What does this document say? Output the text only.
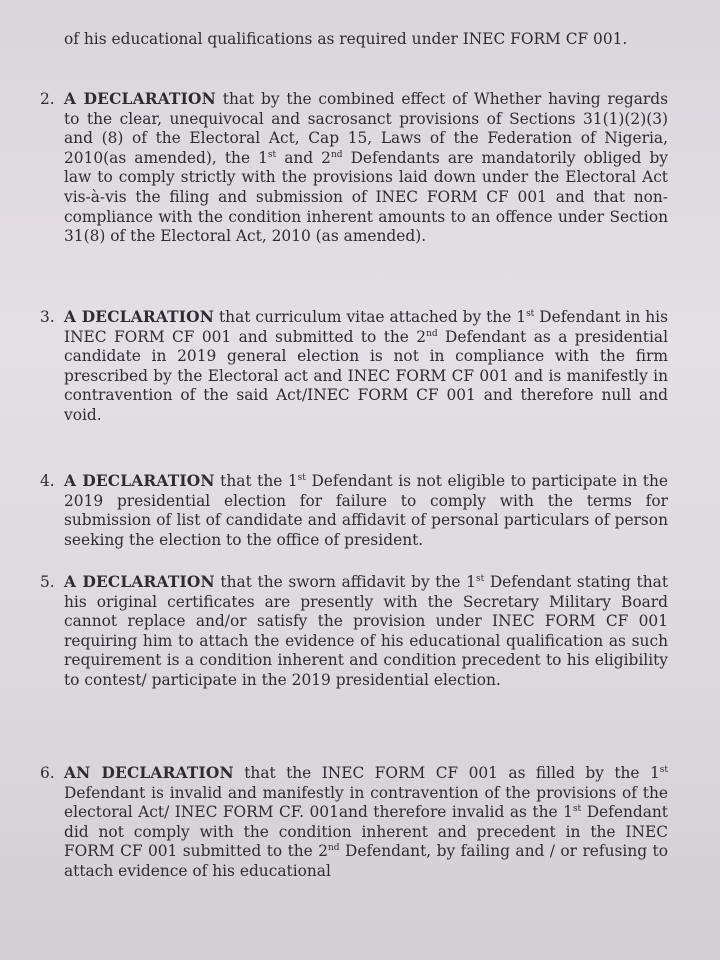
of his educational qualifications as required under INEC FORM CF 001.

2. A DECLARATION that by the combined effect of Whether having regards to the clear, unequivocal and sacrosanct provisions of Sections 31(1)(2)(3) and (8) of the Electoral Act, Cap 15, Laws of the Federation of Nigeria, 2010(as amended), the 1st and 2nd Defendants are mandatorily obliged by law to comply strictly with the provisions laid down under the Electoral Act vis-à-vis the filing and submission of INEC FORM CF 001 and that non-compliance with the condition inherent amounts to an offence under Section 31(8) of the Electoral Act, 2010 (as amended).

3. A DECLARATION that curriculum vitae attached by the 1st Defendant in his INEC FORM CF 001 and submitted to the 2nd Defendant as a presidential candidate in 2019 general election is not in compliance with the firm prescribed by the Electoral act and INEC FORM CF 001 and is manifestly in contravention of the said Act/INEC FORM CF 001 and therefore null and void.

4. A DECLARATION that the 1st Defendant is not eligible to participate in the 2019 presidential election for failure to comply with the terms for submission of list of candidate and affidavit of personal particulars of person seeking the election to the office of president.

5. A DECLARATION that the sworn affidavit by the 1st Defendant stating that his original certificates are presently with the Secretary Military Board cannot replace and/or satisfy the provision under INEC FORM CF 001 requiring him to attach the evidence of his educational qualification as such requirement is a condition inherent and condition precedent to his eligibility to contest/ participate in the 2019 presidential election.

6. AN DECLARATION that the INEC FORM CF 001 as filled by the 1st Defendant is invalid and manifestly in contravention of the provisions of the electoral Act/ INEC FORM CF. 001and therefore invalid as the 1st Defendant did not comply with the condition inherent and precedent in the INEC FORM CF 001 submitted to the 2nd Defendant, by failing and / or refusing to attach evidence of his educational
